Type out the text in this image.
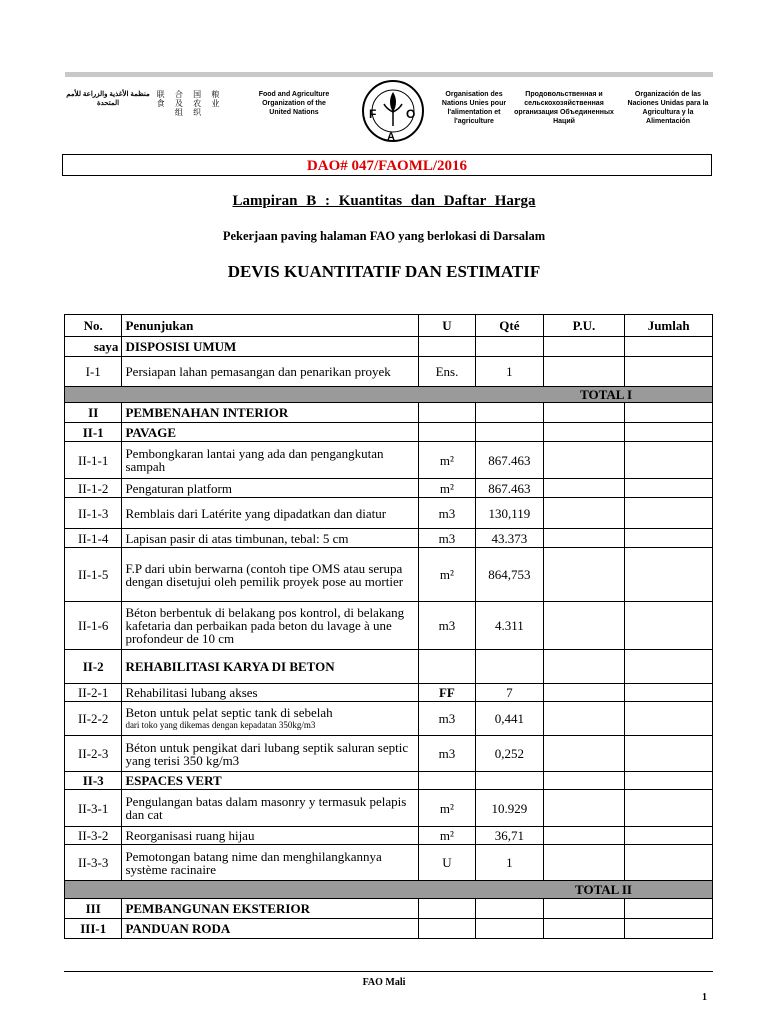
منظمة الأغذية والزراعة للأمم المتحدة
联 合 国 粮 食 及 农 业 组 织
Food and Agriculture Organization of the United Nations	F
A
O
Organisation des Nations Unies pour l'alimentation et l'agriculture
Продовольственная и сельскохозяйственная организация Объединенных Наций
Organización de las Naciones Unidas para la Agricultura y la Alimentación
DAO# 047/FAOML/2016
Lampiran B : Kuantitas dan Daftar Harga
Pekerjaan paving halaman FAO yang berlokasi di Darsalam
DEVIS KUANTITATIF DAN ESTIMATIF
No.	Penunjukan	U	Qté	P.U.	Jumlah
saya	DISPOSISI UMUM				
I-1	Persiapan lahan pemasangan dan penarikan proyek	Ens.	1		
TOTAL I					
II	PEMBENAHAN INTERIOR				
II-1	PAVAGE				
II-1-1	Pembongkaran lantai yang ada dan pengangkutan sampah	m²	867.463		
II-1-2	Pengaturan platform	m²	867.463		
II-1-3	Remblais dari Latérite yang dipadatkan dan diatur	m3	130,119		
II-1-4	Lapisan pasir di atas timbunan, tebal: 5 cm	m3	43.373		
II-1-5	F.P dari ubin berwarna (contoh tipe OMS atau serupa dengan disetujui oleh pemilik proyek pose au mortier	m²	864,753		
II-1-6	Béton berbentuk di belakang pos kontrol, di belakang kafetaria dan perbaikan pada beton du lavage à une profondeur de 10 cm	m3	4.311		
II-2	REHABILITASI KARYA DI BETON				
II-2-1	Rehabilitasi lubang akses	FF	7		
II-2-2	Beton untuk pelat septic tank di sebelah
dari toko yang dikemas dengan kepadatan 350kg/m3	m3	0,441		
II-2-3	Béton untuk pengikat dari lubang septik saluran septic yang terisi 350 kg/m3	m3	0,252		
II-3	ESPACES VERT				
II-3-1	Pengulangan batas dalam masonry y termasuk pelapis dan cat	m²	10.929		
II-3-2	Reorganisasi ruang hijau	m²	36,71		
II-3-3	Pemotongan batang nime dan menghilangkannya système racinaire	U	1		
TOTAL II					
III	PEMBANGUNAN EKSTERIOR				
III-1	PANDUAN RODA				
FAO Mali
1
